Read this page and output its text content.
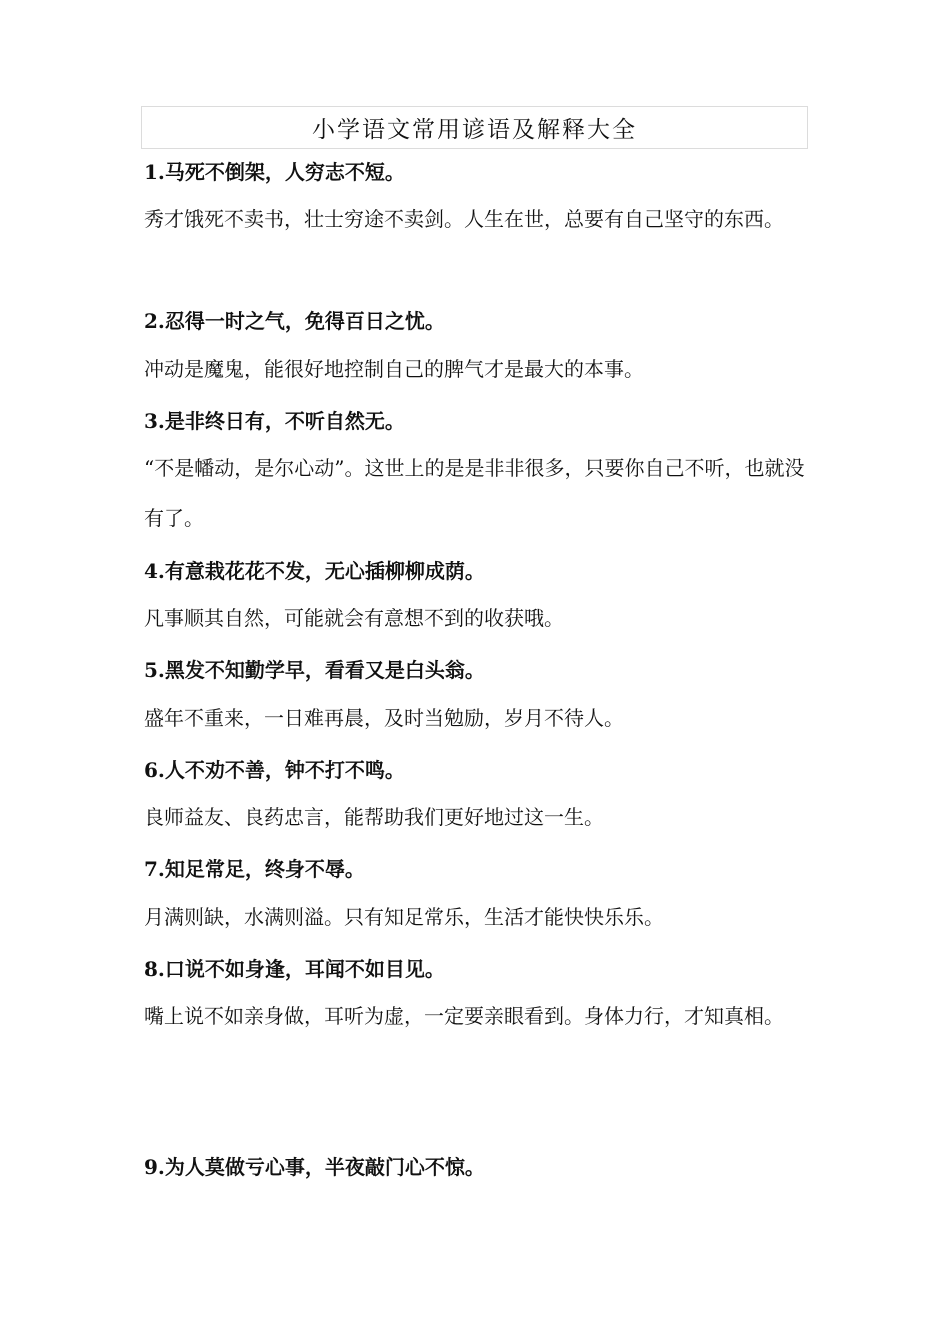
小学语文常用谚语及解释大全
1.马死不倒架，人穷志不短。
秀才饿死不卖书，壮士穷途不卖剑。人生在世，总要有自己坚守的东西。
2.忍得一时之气，免得百日之忧。
冲动是魔鬼，能很好地控制自己的脾气才是最大的本事。
3.是非终日有，不听自然无。
“不是幡动，是尔心动”。这世上的是是非非很多，只要你自己不听，也就没有了。
4.有意栽花花不发，无心插柳柳成荫。
凡事顺其自然，可能就会有意想不到的收获哦。
5.黑发不知勤学早，看看又是白头翁。
盛年不重来，一日难再晨，及时当勉励，岁月不待人。
6.人不劝不善，钟不打不鸣。
良师益友、良药忠言，能帮助我们更好地过这一生。
7.知足常足，终身不辱。
月满则缺，水满则溢。只有知足常乐，生活才能快快乐乐。
8.口说不如身逢，耳闻不如目见。
嘴上说不如亲身做，耳听为虚，一定要亲眼看到。身体力行，才知真相。
9.为人莫做亏心事，半夜敲门心不惊。
